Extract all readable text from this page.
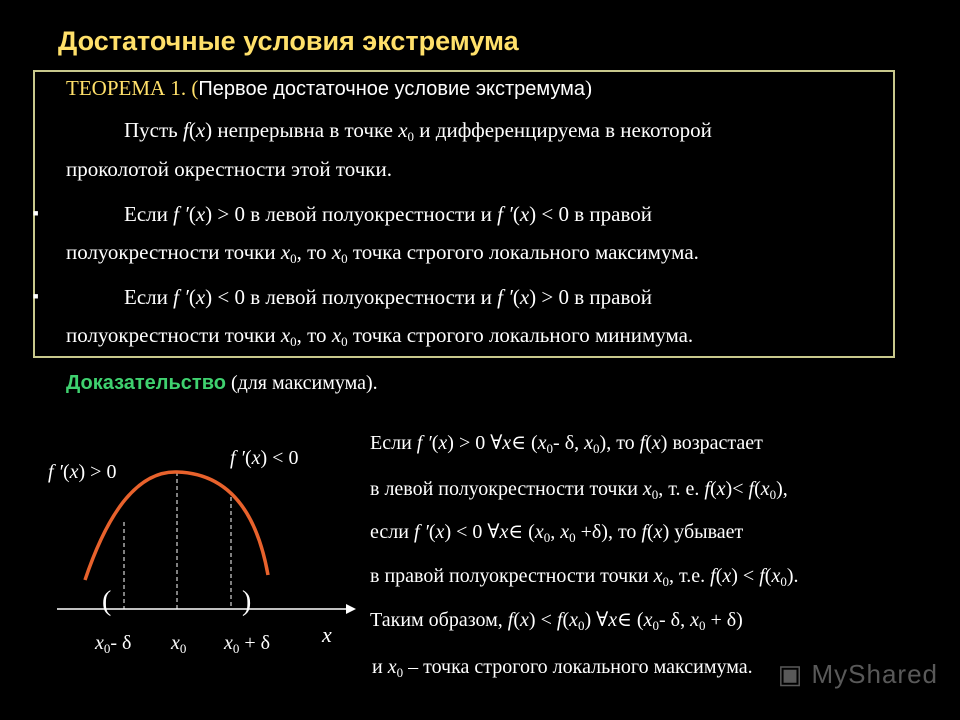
Достаточные условия экстремума
ТЕОРЕМА 1. (Первое достаточное условие экстремума)
Пусть f(x) непрерывна в точке $x_0$ и дифференцируема в некоторой
проколотой окрестности этой точки.
■	Если f ′(x) > 0 в левой полуокрестности и f ′(x) < 0 в правой
полуокрестности точки $x_0$, то $x_0$ точка строгого локального максимума.
■	Если f ′(x) < 0 в левой полуокрестности и f ′(x) > 0 в правой
полуокрестности точки $x_0$, то $x_0$ точка строгого локального минимума.
Доказательство (для максимума).
f ′(x) > 0
f ′(x) < 0
(	)
$x_0-$ δ $x_0$ $x_0 + \delta$ x
Если f ′(x) > 0 ∀x∈ ($x_0-$ δ, $x_0$), то f(x) возрастает
в левой полуокрестности точки $x_0$, т. е. $f(x)< f(x_0)$,
если f ′(x) < 0 ∀x∈ ($x_0$, $x_0 +\delta$), то f(x) убывает
в правой полуокрестности точки $x_0$, т.е. $f(x) < f(x_0)$.
Таким образом, $f(x) < f(x_0)$ ∀x∈ ($x_0-$ δ, $x_0 + \delta$)
и $x_0$ – точка строгого локального максимума. ▣ MyShared
